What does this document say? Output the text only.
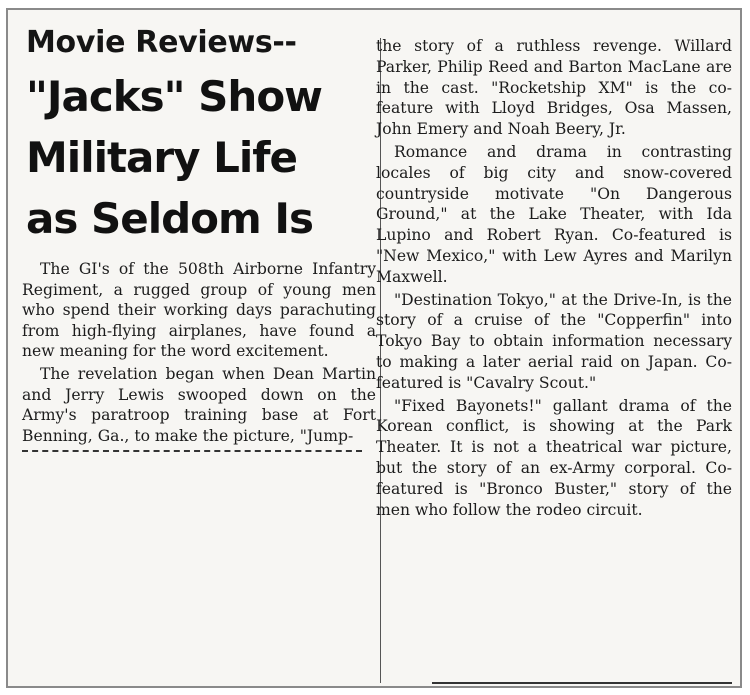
Movie Reviews--
"Jacks" Show
Military Life
as Seldom Is

The GI's of the 508th Airborne Infantry Regiment, a rugged group of young men who spend their working days parachuting from high-flying airplanes, have found a new meaning for the word excitement.

The revelation began when Dean Martin and Jerry Lewis swooped down on the Army's paratroop training base at Fort Benning, Ga., to make the picture, "Jump-

the story of a ruthless revenge. Willard Parker, Philip Reed and Barton MacLane are in the cast. "Rocketship XM" is the co-feature with Lloyd Bridges, Osa Massen, John Emery and Noah Beery, Jr.

Romance and drama in contrasting locales of big city and snow-covered countryside motivate "On Dangerous Ground," at the Lake Theater, with Ida Lupino and Robert Ryan. Co-featured is "New Mexico," with Lew Ayres and Marilyn Maxwell.

"Destination Tokyo," at the Drive-In, is the story of a cruise of the "Copperfin" into Tokyo Bay to obtain information necessary to making a later aerial raid on Japan. Co-featured is "Cavalry Scout."

"Fixed Bayonets!" gallant drama of the Korean conflict, is showing at the Park Theater. It is not a theatrical war picture, but the story of an ex-Army corporal. Co-featured is "Bronco Buster," story of the men who follow the rodeo circuit.
